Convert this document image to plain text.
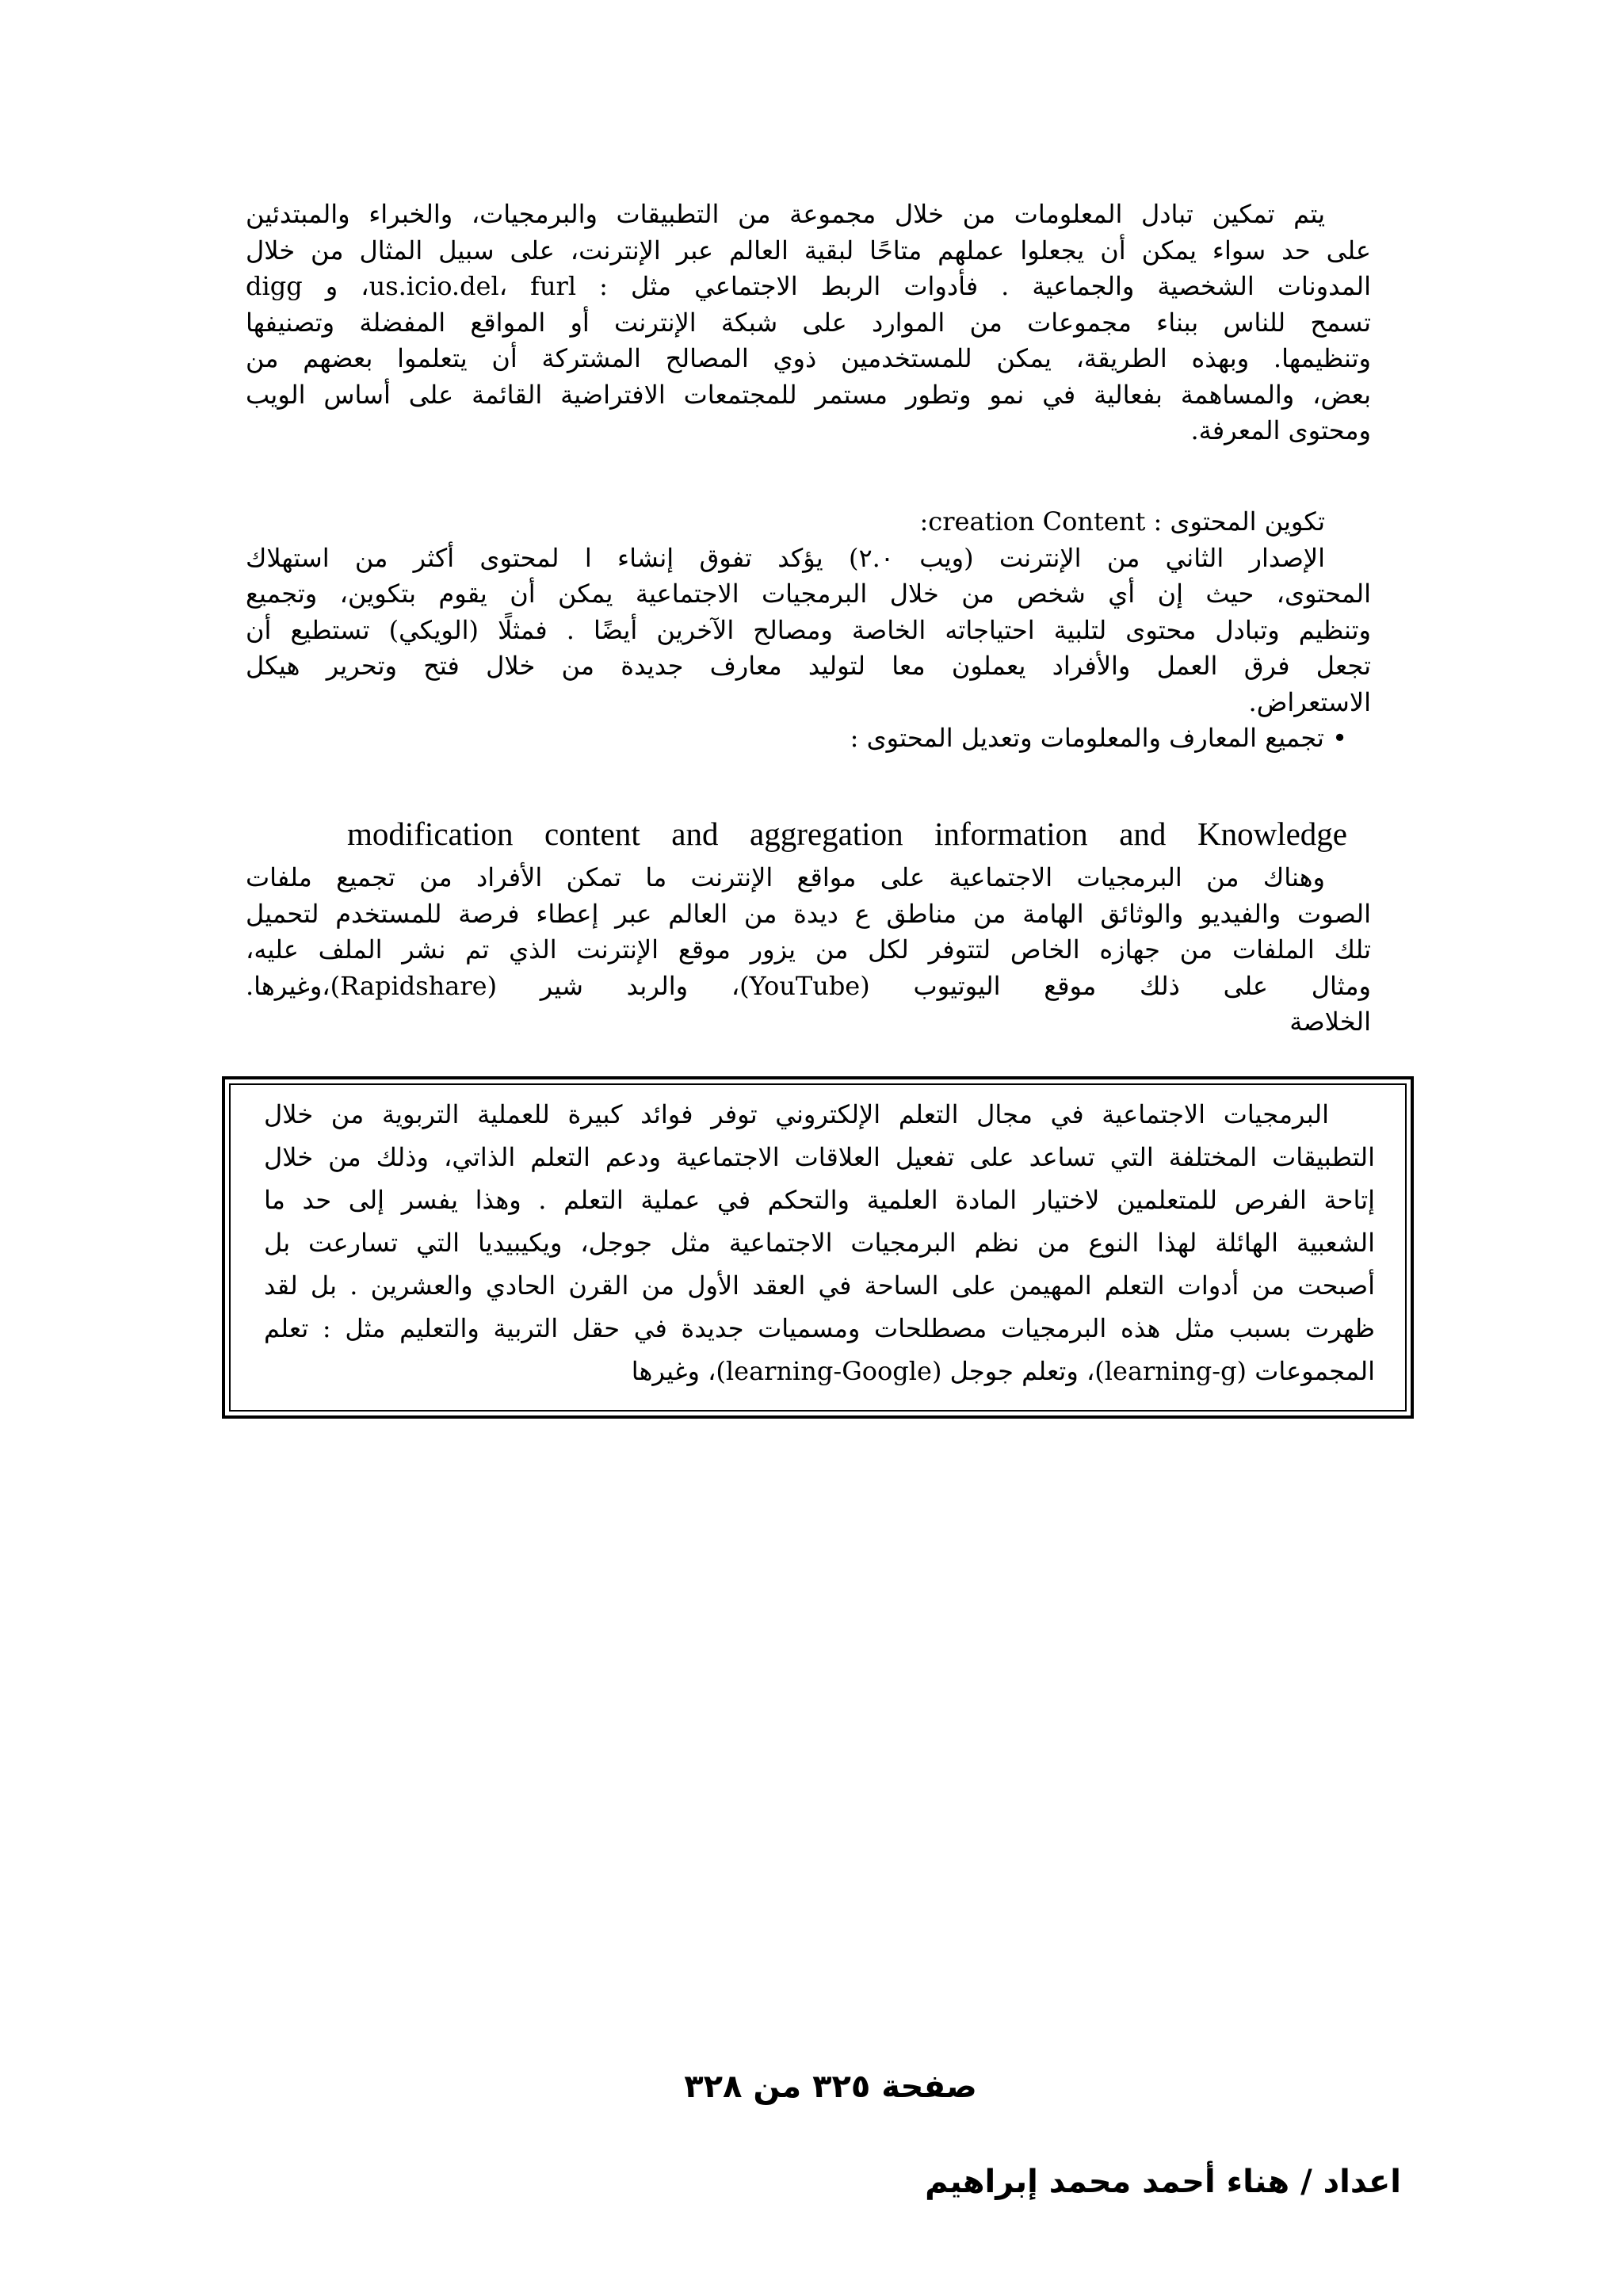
يتم تمكين تبادل المعلومات من خلال مجموعة من التطبيقات والبرمجيات، والخبراء والمبتدئين
على حد سواء يمكن أن يجعلوا عملهم متاحًا لبقية العالم عبر الإنترنت، على سبيل المثال من خلال
المدونات الشخصية والجماعية . فأدوات الربط الاجتماعي مثل : us.icio.del، furl، و digg
تسمح للناس ببناء مجموعات من الموارد على شبكة الإنترنت أو المواقع المفضلة وتصنيفها
وتنظيمها. وبهذه الطريقة، يمكن للمستخدمين ذوي المصالح المشتركة أن يتعلموا بعضهم من
بعض، والمساهمة بفعالية في نمو وتطور مستمر للمجتمعات الافتراضية القائمة على أساس الويب
ومحتوى المعرفة.
تكوين المحتوى : creation Content:
الإصدار الثاني من الإنترنت (ويب ٢.٠) يؤكد تفوق إنشاء ا لمحتوى أكثر من استهلاك
المحتوى، حيث إن أي شخص من خلال البرمجيات الاجتماعية يمكن أن يقوم بتكوين، وتجميع
وتنظيم وتبادل محتوى لتلبية احتياجاته الخاصة ومصالح الآخرين أيضًا . فمثلًا (الويكي) تستطيع أن
تجعل فرق العمل والأفراد يعملون معا لتوليد معارف جديدة من خلال فتح وتحرير هيكل
الاستعراض.
• تجميع المعارف والمعلومات وتعديل المحتوى :
modification content and aggregation information and Knowledge
وهناك من البرمجيات الاجتماعية على مواقع الإنترنت ما تمكن الأفراد من تجميع ملفات
الصوت والفيديو والوثائق الهامة من مناطق ع ديدة من العالم عبر إعطاء فرصة للمستخدم لتحميل
تلك الملفات من جهازه الخاص لتتوفر لكل من يزور موقع الإنترنت الذي تم نشر الملف عليه،
ومثال على ذلك موقع اليوتيوب (YouTube)، والربد شير (Rapidshare)،وغيرها.
الخلاصة
البرمجيات الاجتماعية في مجال التعلم الإلكتروني توفر فوائد كبيرة للعملية التربوية من خلال
التطبيقات المختلفة التي تساعد على تفعيل العلاقات الاجتماعية ودعم التعلم الذاتي، وذلك من خلال
إتاحة الفرص للمتعلمين لاختيار المادة العلمية والتحكم في عملية التعلم . وهذا يفسر إلى حد ما
الشعبية الهائلة لهذا النوع من نظم البرمجيات الاجتماعية مثل جوجل، ويكيبيديا التي تسارعت بل
أصبحت من أدوات التعلم المهيمن على الساحة في العقد الأول من القرن الحادي والعشرين . بل لقد
ظهرت بسبب مثل هذه البرمجيات مصطلحات ومسميات جديدة في حقل التربية والتعليم مثل : تعلم
المجموعات (learning-g)، وتعلم جوجل (learning-Google)، وغيرها
صفحة ٣٢٥ من ٣٢٨
اعداد / هناء أحمد محمد إبراهيم
